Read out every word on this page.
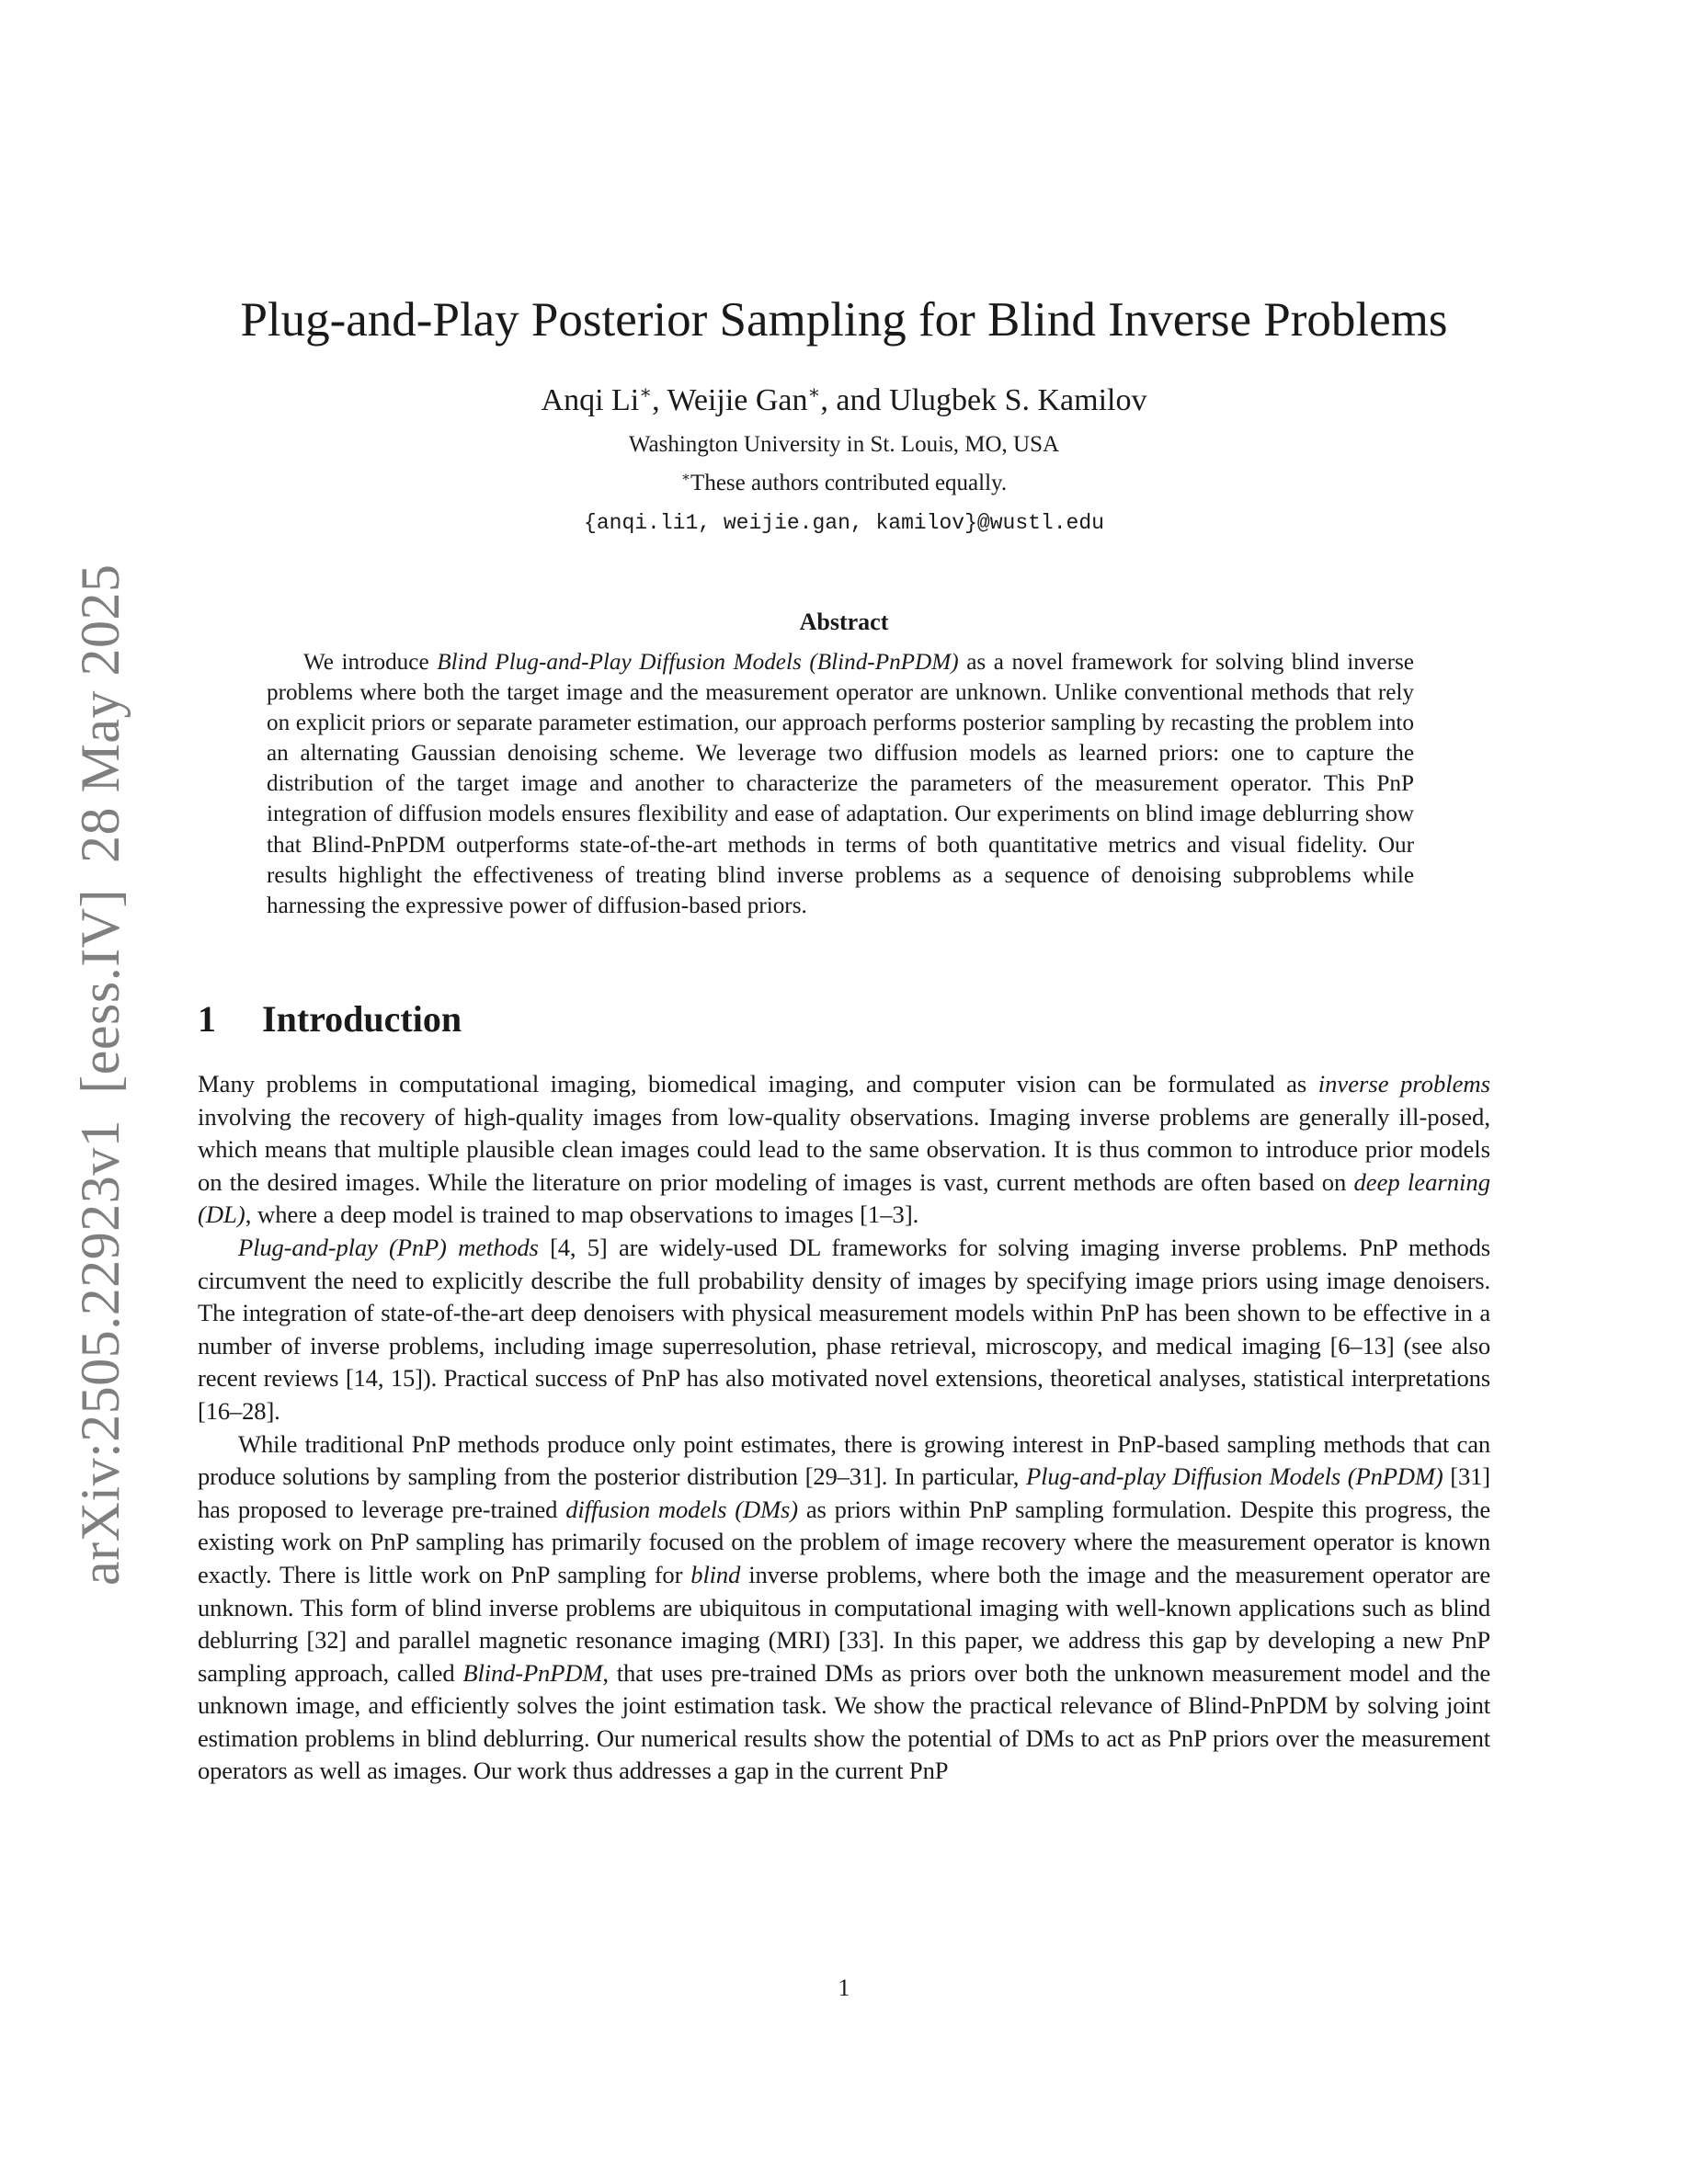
arXiv:2505.22923v1[eess.IV]28 May 2025
Plug-and-Play Posterior Sampling for Blind Inverse Problems
Anqi Li∗, Weijie Gan∗, and Ulugbek S. Kamilov
Washington University in St. Louis, MO, USA
∗These authors contributed equally.
{anqi.li1, weijie.gan, kamilov}@wustl.edu
Abstract

We introduce Blind Plug-and-Play Diffusion Models (Blind-PnPDM) as a novel framework for solving blind inverse problems where both the target image and the measurement operator are unknown. Unlike conventional methods that rely on explicit priors or separate parameter estimation, our approach performs posterior sampling by recasting the problem into an alternating Gaussian denoising scheme. We leverage two diffusion models as learned priors: one to capture the distribution of the target image and another to characterize the parameters of the measurement operator. This PnP integration of diffusion models ensures flexibility and ease of adaptation. Our experiments on blind image deblurring show that Blind-PnPDM outperforms state-of-the-art methods in terms of both quantitative metrics and visual fidelity. Our results highlight the effectiveness of treating blind inverse problems as a sequence of denoising subproblems while harnessing the expressive power of diffusion-based priors.

1 Introduction

Many problems in computational imaging, biomedical imaging, and computer vision can be formulated as inverse problems involving the recovery of high-quality images from low-quality observations. Imaging inverse problems are generally ill-posed, which means that multiple plausible clean images could lead to the same observation. It is thus common to introduce prior models on the desired images. While the literature on prior modeling of images is vast, current methods are often based on deep learning (DL), where a deep model is trained to map observations to images [1–3].

Plug-and-play (PnP) methods [4, 5] are widely-used DL frameworks for solving imaging inverse problems. PnP methods circumvent the need to explicitly describe the full probability density of images by specifying image priors using image denoisers. The integration of state-of-the-art deep denoisers with physical measurement models within PnP has been shown to be effective in a number of inverse problems, including image superresolution, phase retrieval, microscopy, and medical imaging [6–13] (see also recent reviews [14, 15]). Practical success of PnP has also motivated novel extensions, theoretical analyses, statistical interpretations [16–28].

While traditional PnP methods produce only point estimates, there is growing interest in PnP-based sampling methods that can produce solutions by sampling from the posterior distribution [29–31]. In particular, Plug-and-play Diffusion Models (PnPDM) [31] has proposed to leverage pre-trained diffusion models (DMs) as priors within PnP sampling formulation. Despite this progress, the existing work on PnP sampling has primarily focused on the problem of image recovery where the measurement operator is known exactly. There is little work on PnP sampling for blind inverse problems, where both the image and the measurement operator are unknown. This form of blind inverse problems are ubiquitous in computational imaging with well-known applications such as blind deblurring [32] and parallel magnetic resonance imaging (MRI) [33]. In this paper, we address this gap by developing a new PnP sampling approach, called Blind-PnPDM, that uses pre-trained DMs as priors over both the unknown measurement model and the unknown image, and efficiently solves the joint estimation task. We show the practical relevance of Blind-PnPDM by solving joint estimation problems in blind deblurring. Our numerical results show the potential of DMs to act as PnP priors over the measurement operators as well as images. Our work thus addresses a gap in the current PnP

1
